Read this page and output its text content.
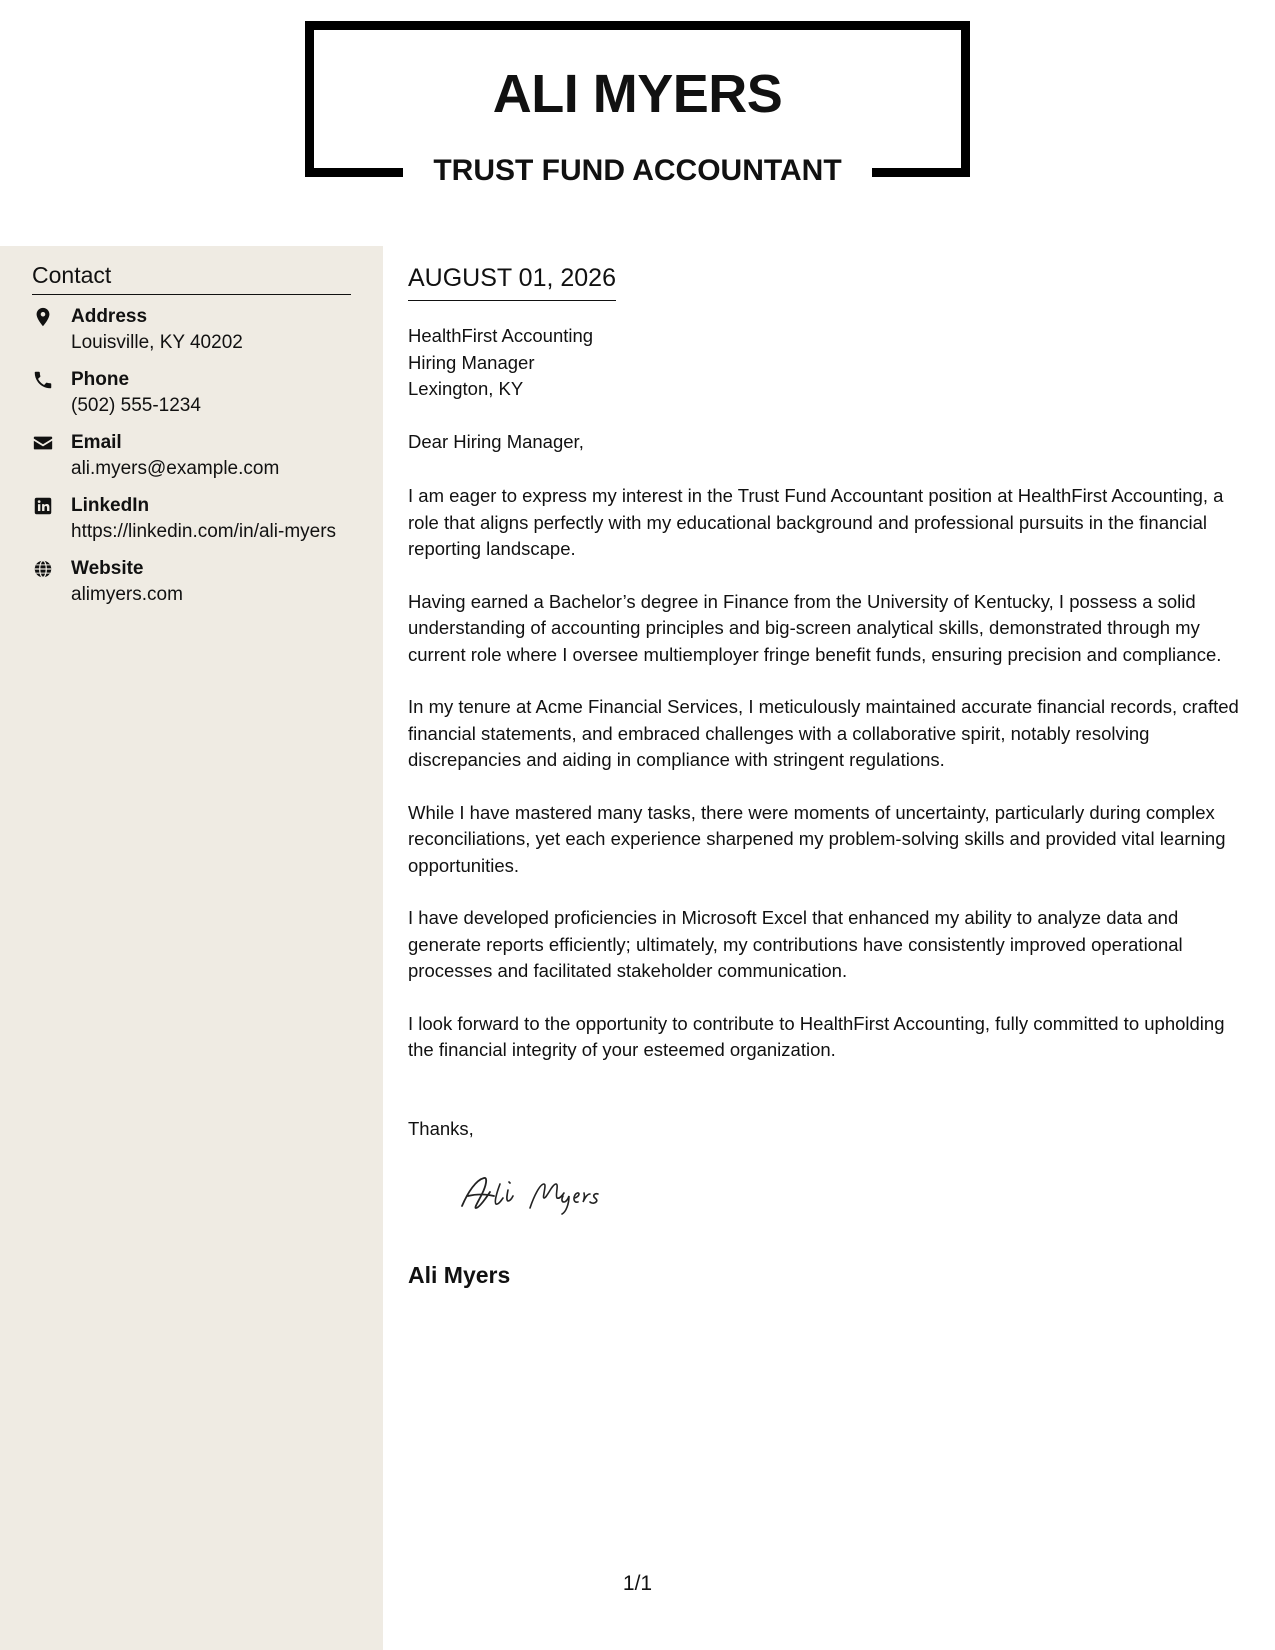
ALI MYERS
TRUST FUND ACCOUNTANT
Contact
Address
Louisville, KY 40202
Phone
(502) 555-1234
Email
ali.myers@example.com
LinkedIn
https://linkedin.com/in/ali-myers
Website
alimyers.com
AUGUST 01, 2026
HealthFirst Accounting
Hiring Manager
Lexington, KY
Dear Hiring Manager,

I am eager to express my interest in the Trust Fund Accountant position at HealthFirst Accounting, a role that aligns perfectly with my educational background and professional pursuits in the financial reporting landscape.

Having earned a Bachelor’s degree in Finance from the University of Kentucky, I possess a solid understanding of accounting principles and big-screen analytical skills, demonstrated through my current role where I oversee multiemployer fringe benefit funds, ensuring precision and compliance.

In my tenure at Acme Financial Services, I meticulously maintained accurate financial records, crafted financial statements, and embraced challenges with a collaborative spirit, notably resolving discrepancies and aiding in compliance with stringent regulations.

While I have mastered many tasks, there were moments of uncertainty, particularly during complex reconciliations, yet each experience sharpened my problem-solving skills and provided vital learning opportunities.

I have developed proficiencies in Microsoft Excel that enhanced my ability to analyze data and generate reports efficiently; ultimately, my contributions have consistently improved operational processes and facilitated stakeholder communication.

I look forward to the opportunity to contribute to HealthFirst Accounting, fully committed to upholding the financial integrity of your esteemed organization.

Thanks,
Ali Myers
1/1
